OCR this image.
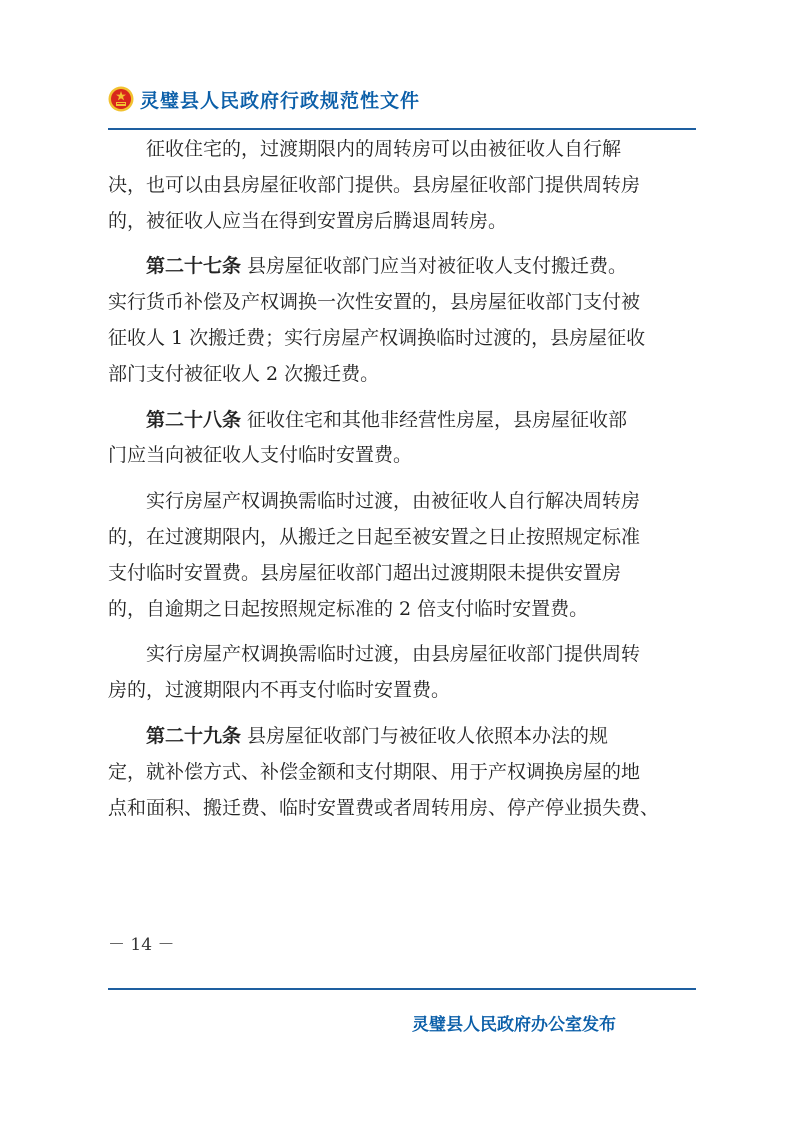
灵璧县人民政府行政规范性文件

征收住宅的，过渡期限内的周转房可以由被征收人自行解
决，也可以由县房屋征收部门提供。县房屋征收部门提供周转房
的，被征收人应当在得到安置房后腾退周转房。

第二十七条 县房屋征收部门应当对被征收人支付搬迁费。
实行货币补偿及产权调换一次性安置的，县房屋征收部门支付被
征收人 1 次搬迁费；实行房屋产权调换临时过渡的，县房屋征收
部门支付被征收人 2 次搬迁费。

第二十八条 征收住宅和其他非经营性房屋，县房屋征收部
门应当向被征收人支付临时安置费。

实行房屋产权调换需临时过渡，由被征收人自行解决周转房
的，在过渡期限内，从搬迁之日起至被安置之日止按照规定标准
支付临时安置费。县房屋征收部门超出过渡期限未提供安置房
的，自逾期之日起按照规定标准的 2 倍支付临时安置费。

实行房屋产权调换需临时过渡，由县房屋征收部门提供周转
房的，过渡期限内不再支付临时安置费。

第二十九条 县房屋征收部门与被征收人依照本办法的规
定，就补偿方式、补偿金额和支付期限、用于产权调换房屋的地
点和面积、搬迁费、临时安置费或者周转用房、停产停业损失费、

－ 14 －
灵璧县人民政府办公室发布
